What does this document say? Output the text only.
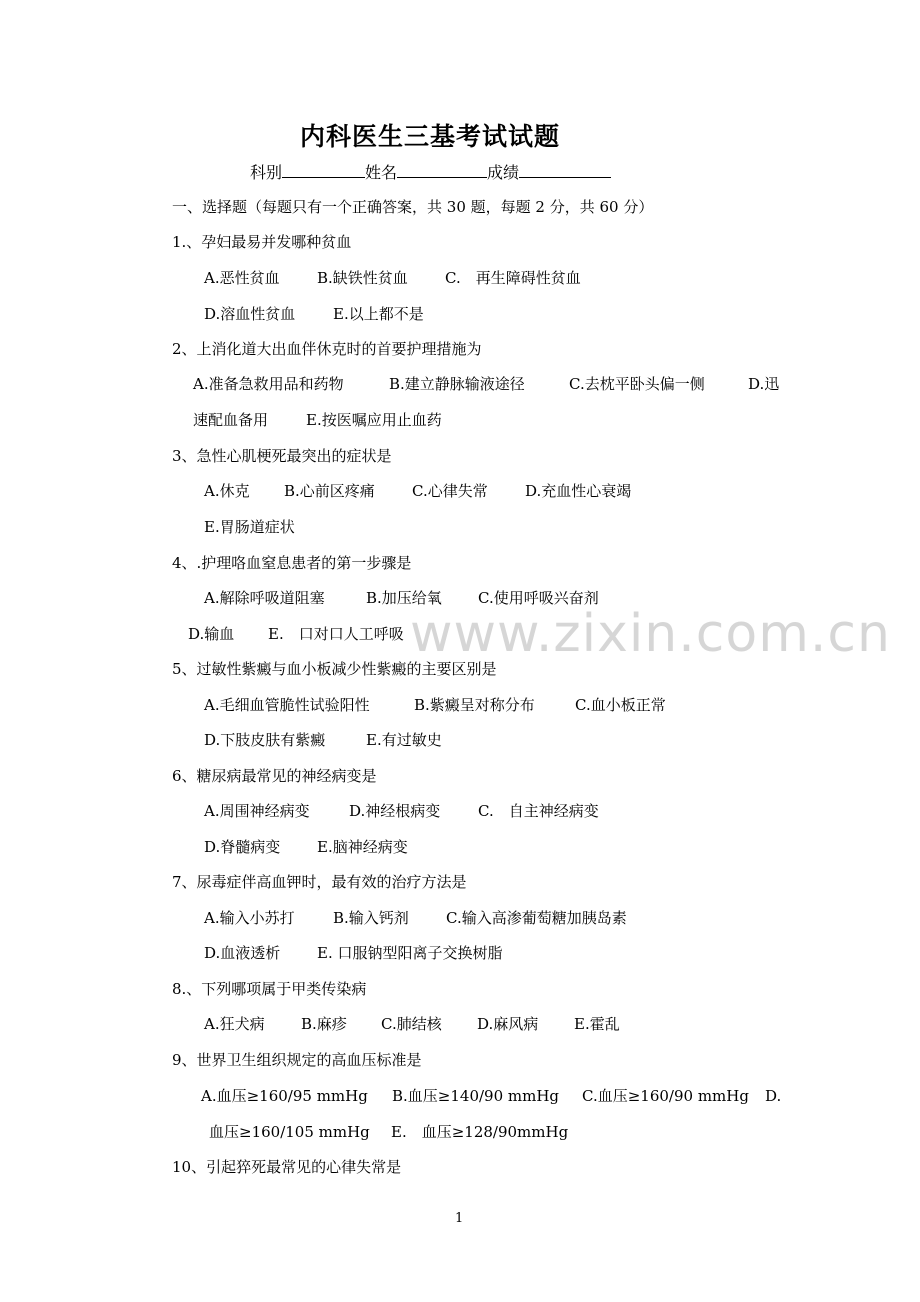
内科医生三基考试试题
科别	姓名	成绩
一、选择题（每题只有一个正确答案，共 30 题，每题 2 分，共 60 分）
1.、孕妇最易并发哪种贫血
A.恶性贫血 B.缺铁性贫血 C.　再生障碍性贫血
D.溶血性贫血	E.以上都不是
2、上消化道大出血伴休克时的首要护理措施为
A.准备急救用品和药物	B.建立静脉输液途径	C.去枕平卧头偏一侧	D.迅
速配血备用	E.按医嘱应用止血药
3、急性心肌梗死最突出的症状是
A.休克 B.心前区疼痛 C.心律失常 D.充血性心衰竭
E.胃肠道症状
4、.护理咯血窒息患者的第一步骤是
A.解除呼吸道阻塞	B.加压给氧 C.使用呼吸兴奋剂
D.输血 E.　口对口人工呼吸
5、过敏性紫癜与血小板减少性紫癜的主要区别是
A.毛细血管脆性试验阳性	B.紫癜呈对称分布	C.血小板正常
D.下肢皮肤有紫癜	E.有过敏史
6、糖尿病最常见的神经病变是
A.周围神经病变	D.神经根病变	C.　自主神经病变
D.脊髓病变 E.脑神经病变
7、尿毒症伴高血钾时，最有效的治疗方法是
A.输入小苏打	B.输入钙剂 C.输入高渗葡萄糖加胰岛素
D.血液透析 E. 口服钠型阳离子交换树脂
8.、下列哪项属于甲类传染病
A.狂犬病 B.麻疹 C.肺结核 D.麻风病 E.霍乱
9、世界卫生组织规定的高血压标准是
A.血压≥160/95 mmHg B.血压≥140/90 mmHg C.血压≥160/90 mmHg D.
血压≥160/105 mmHg E.　血压≥128/90mmHg
10、引起猝死最常见的心律失常是
www.zixin.com.cn
1
